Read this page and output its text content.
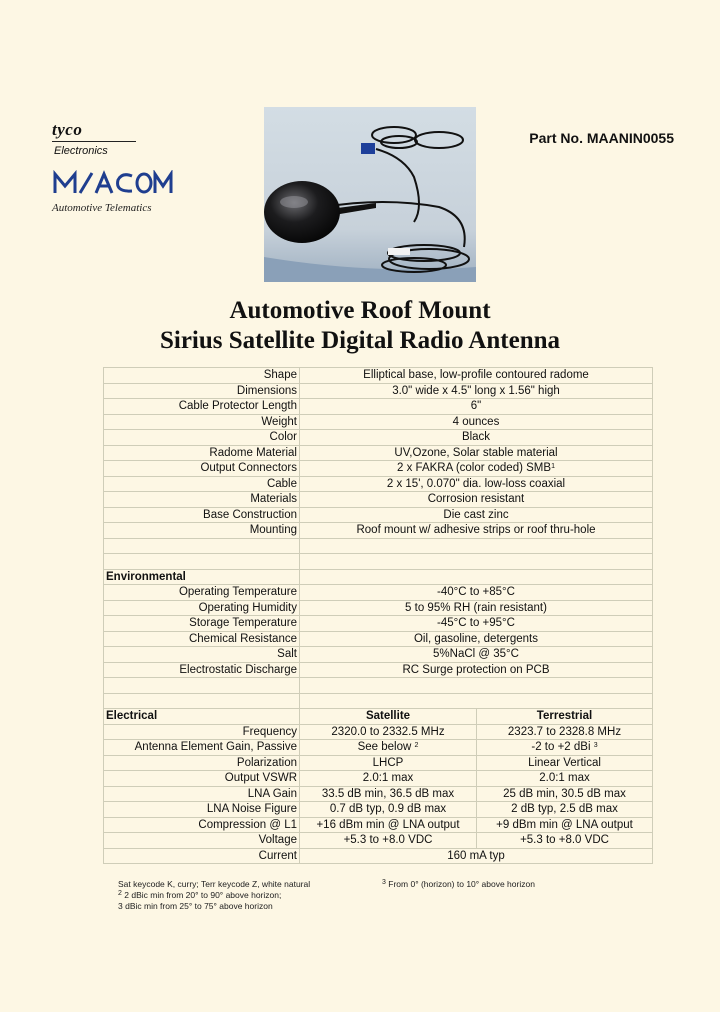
tyco
Electronics
Automotive Telematics
Part No. MAANIN0055
Automotive Roof Mount
Sirius Satellite Digital Radio Antenna
Shape	Elliptical base, low-profile contoured radome	
Dimensions	3.0" wide x 4.5" long x 1.56" high	
Cable Protector Length	6"	
Weight	4 ounces	
Color	Black	
Radome Material	UV,Ozone, Solar stable material	
Output Connectors	2 x FAKRA (color coded) SMB$^1$
Cable	2 x 15', 0.070" dia. low-loss coaxial	
Materials	Corrosion resistant	
Base Construction	Die cast zinc	
Mounting	Roof mount w/ adhesive strips or roof thru-hole	

Environmental		
Operating Temperature	-40°C to +85°C	
Operating Humidity	5 to 95% RH (rain resistant)	
Storage Temperature	-45°C to +95°C	
Chemical Resistance	Oil, gasoline, detergents	
Salt	5%NaCl @ 35°C	
Electrostatic Discharge	RC Surge protection on PCB	

Electrical	Satellite	Terrestrial
Frequency	2320.0 to 2332.5 MHz	2323.7 to 2328.8 MHz
Antenna Element Gain, Passive	See below $^2$	-2 to +2 dBi $^3$
Polarization	LHCP	Linear Vertical
Output VSWR	2.0:1 max	2.0:1 max
LNA Gain	33.5 dB min, 36.5 dB max	25 dB min, 30.5 dB max
LNA Noise Figure	0.7 dB typ, 0.9 dB max	2 dB typ, 2.5 dB max
Compression @ L1	+16 dBm min @ LNA output	+9 dBm min @ LNA output
Voltage	+5.3 to +8.0 VDC	+5.3 to +8.0 VDC
Current	160 mA typ	
Sat keycode K, curry; Terr keycode Z, white natural
$^2$ 2 dBic min from 20° to 90° above horizon;
3 dBic min from 25° to 75° above horizon
$^3$ From 0° (horizon) to 10° above horizon
